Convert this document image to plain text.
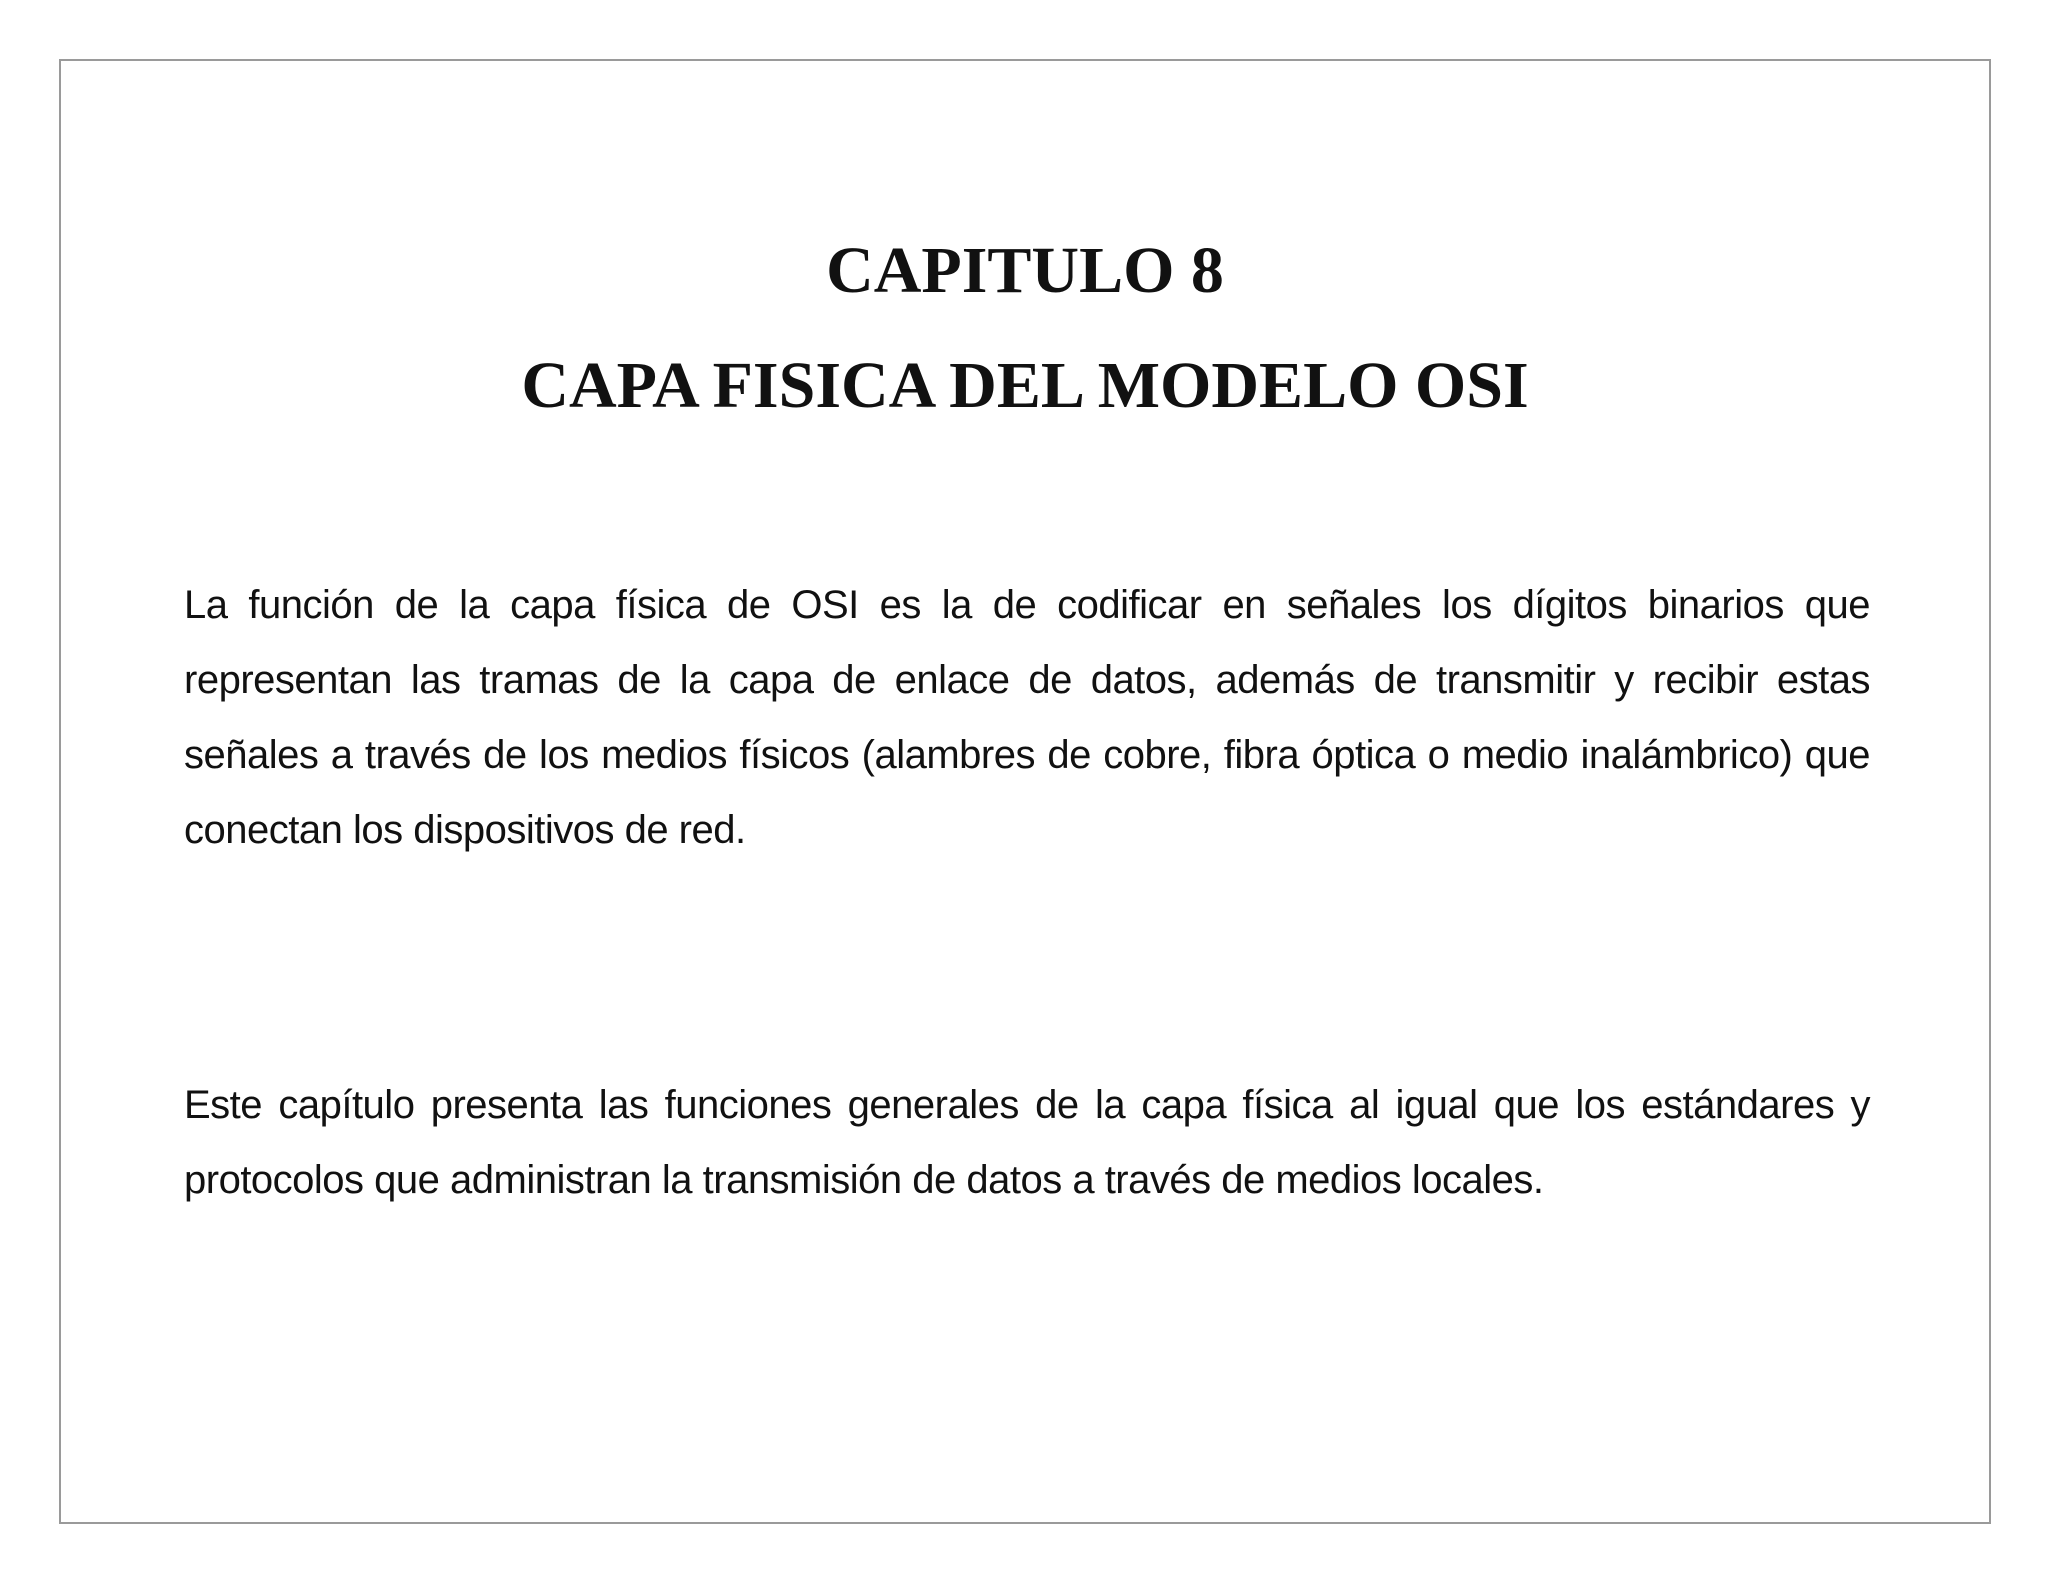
CAPITULO 8
CAPA FISICA DEL MODELO OSI

La función de la capa física de OSI es la de codificar en señales los dígitos binarios que representan las tramas de la capa de enlace de datos, además de transmitir y recibir estas señales a través de los medios físicos (alambres de cobre, fibra óptica o medio inalámbrico) que conectan los dispositivos de red.

Este capítulo presenta las funciones generales de la capa física al igual que los estándares y protocolos que administran la transmisión de datos a través de medios locales.
